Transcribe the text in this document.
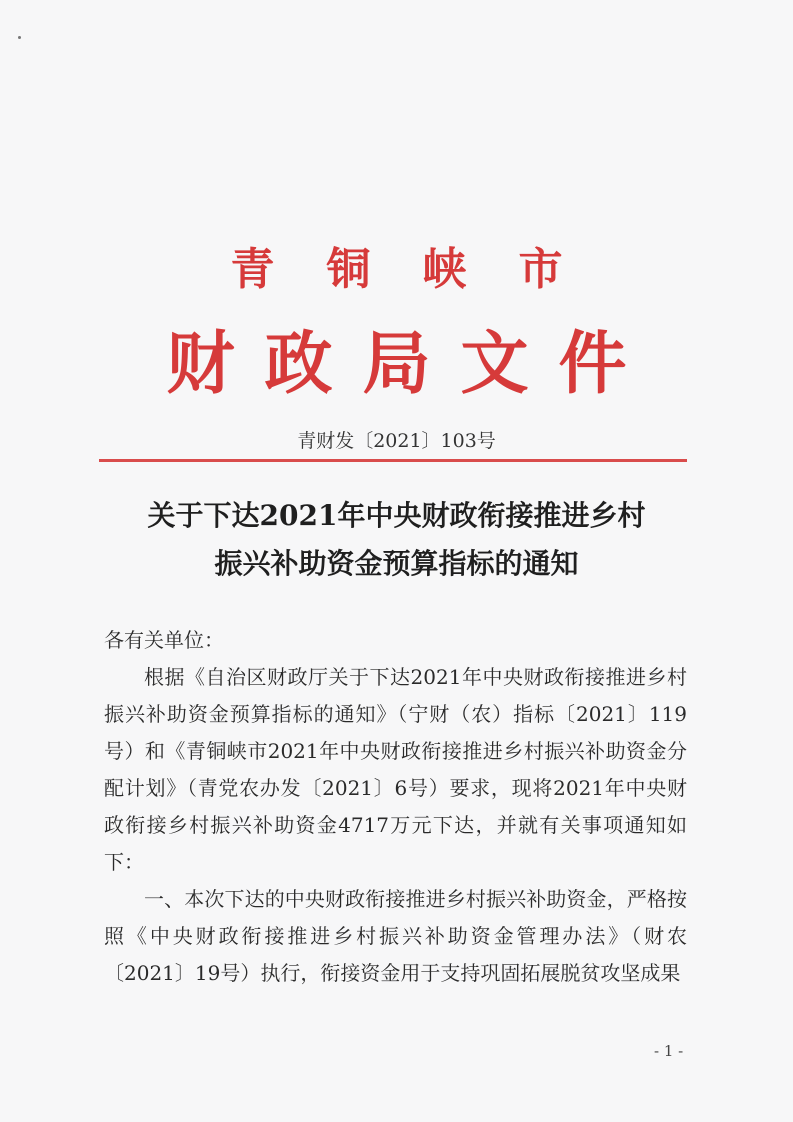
青铜峡市
财政局文件
青财发〔2021〕103号
关于下达2021年中央财政衔接推进乡村
振兴补助资金预算指标的通知

各有关单位：

根据《自治区财政厅关于下达2021年中央财政衔接推进乡村振兴补助资金预算指标的通知》（宁财（农）指标〔2021〕119号）和《青铜峡市2021年中央财政衔接推进乡村振兴补助资金分配计划》（青党农办发〔2021〕6号）要求，现将2021年中央财政衔接乡村振兴补助资金4717万元下达，并就有关事项通知如下：

一、本次下达的中央财政衔接推进乡村振兴补助资金，严格按照《中央财政衔接推进乡村振兴补助资金管理办法》（财农〔2021〕19号）执行，衔接资金用于支持巩固拓展脱贫攻坚成果

- 1 -
